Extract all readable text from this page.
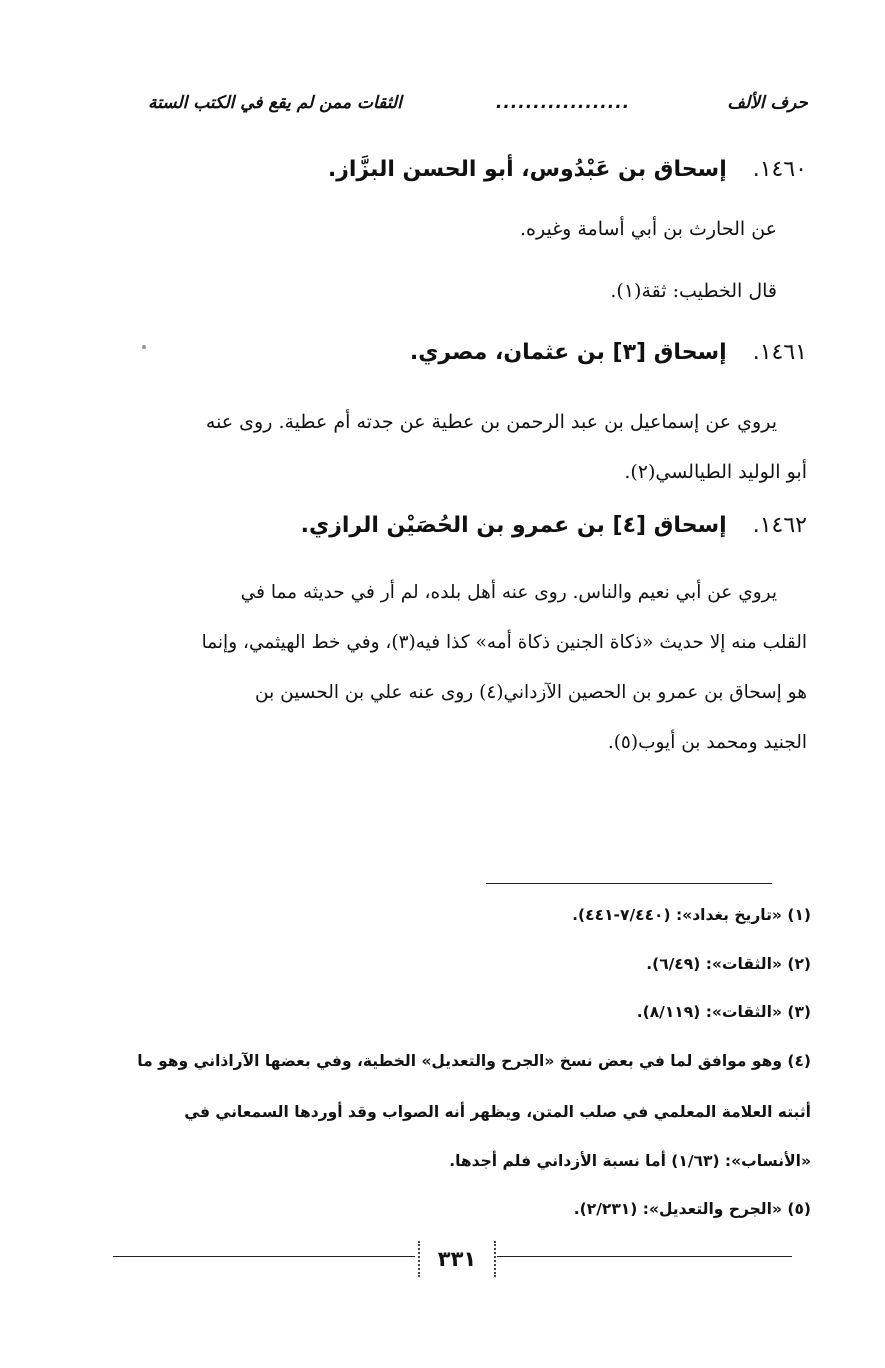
حرف الألف
..................
الثقات ممن لم يقع في الكتب الستة
١٤٦٠.إسحاق بن عَبْدُوس، أبو الحسن البزَّاز.
عن الحارث بن أبي أسامة وغيره.
قال الخطيب: ثقة(١).
١٤٦١.إسحاق [٣] بن عثمان، مصري.
يروي عن إسماعيل بن عبد الرحمن بن عطية عن جدته أم عطية. روى عنه
أبو الوليد الطيالسي(٢).
١٤٦٢.إسحاق [٤] بن عمرو بن الحُصَيْن الرازي.
يروي عن أبي نعيم والناس. روى عنه أهل بلده، لم أر في حديثه مما في
القلب منه إلا حديث «ذكاة الجنين ذكاة أمه» كذا فيه(٣)، وفي خط الهيثمي، وإنما
هو إسحاق بن عمرو بن الحصين الآزداني(٤) روى عنه علي بن الحسين بن
الجنيد ومحمد بن أيوب(٥).
(١) «تاريخ بغداد»: (٧/٤٤٠-٤٤١).
(٢) «الثقات»: (٦/٤٩).
(٣) «الثقات»: (٨/١١٩).
(٤) وهو موافق لما في بعض نسخ «الجرح والتعديل» الخطية، وفي بعضها الآراذاني وهو ما
أثبته العلامة المعلمي في صلب المتن، ويظهر أنه الصواب وقد أوردها السمعاني في
«الأنساب»: (١/٦٣) أما نسبة الأزداني فلم أجدها.
(٥) «الجرح والتعديل»: (٢/٢٣١).
٣٣١
